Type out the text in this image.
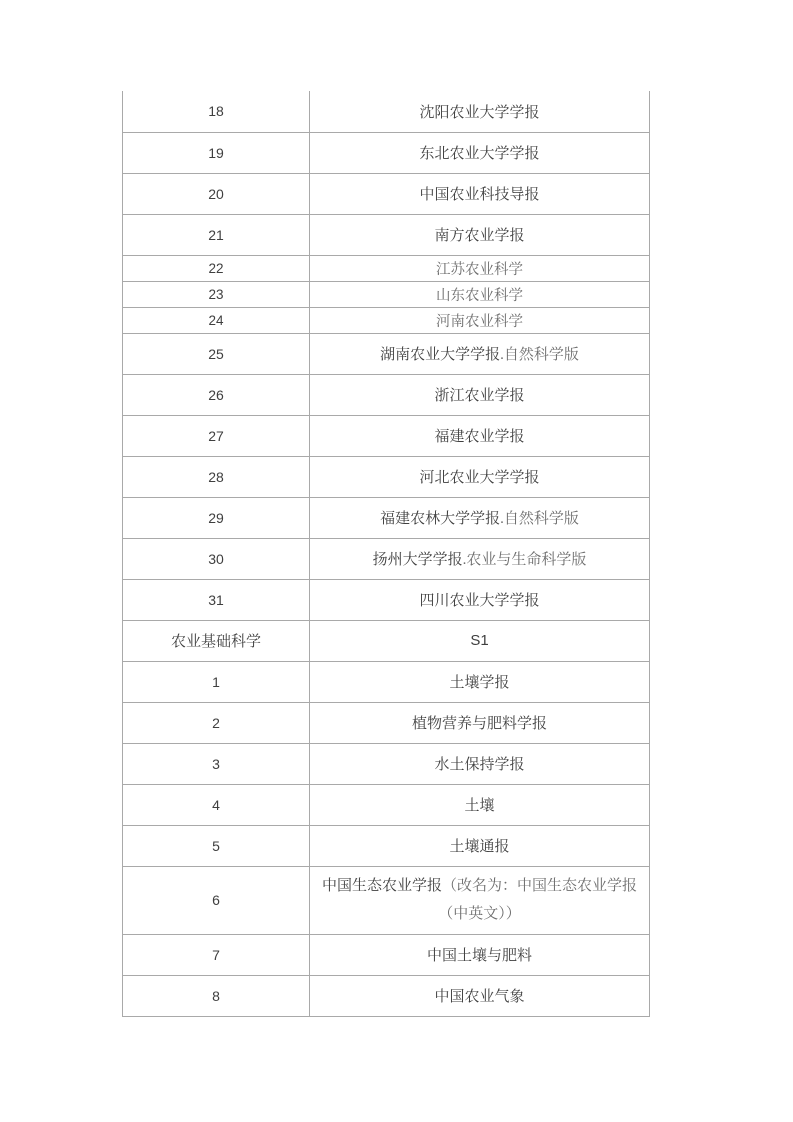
18	沈阳农业大学学报
19	东北农业大学学报
20	中国农业科技导报
21	南方农业学报
22	江苏农业科学
23	山东农业科学
24	河南农业科学
25	湖南农业大学学报.自然科学版
26	浙江农业学报
27	福建农业学报
28	河北农业大学学报
29	福建农林大学学报.自然科学版
30	扬州大学学报.农业与生命科学版
31	四川农业大学学报
农业基础科学	S1
1	土壤学报
2	植物营养与肥料学报
3	水土保持学报
4	土壤
5	土壤通报
6	中国生态农业学报（改名为：中国生态农业学报（中英文））
7	中国土壤与肥料
8	中国农业气象
